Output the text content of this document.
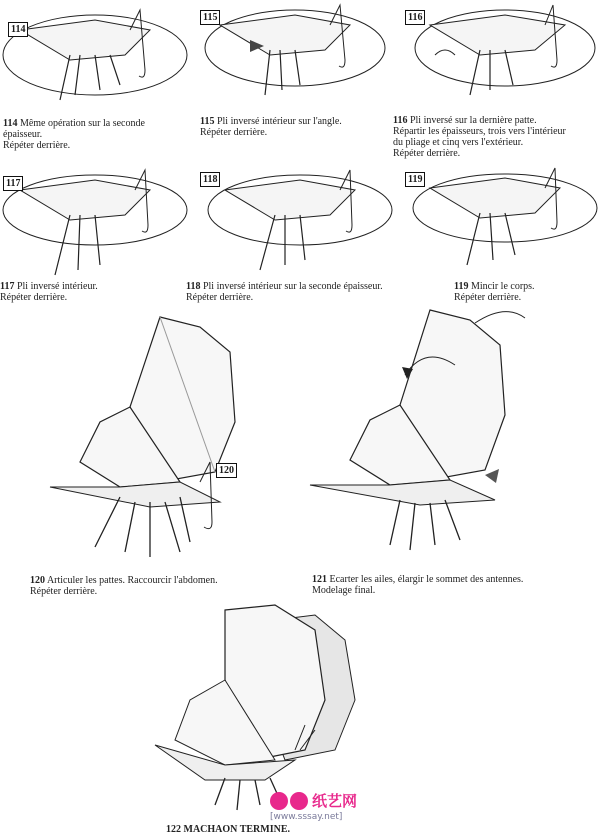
114
115	116
114 Même opération sur la seconde
épaisseur.
Répéter derrière.
115 Pli inversé intérieur sur l'angle.
Répéter derrière.
116 Pli inversé sur la dernière patte.
Répartir les épaisseurs, trois vers l'intérieur
du pliage et cinq vers l'extérieur.
Répéter derrière.
117	118	119
117 Pli inversé intérieur.
Répéter derrière.
118 Pli inversé intérieur sur la seconde épaisseur.
Répéter derrière.
119 Mincir le corps.
Répéter derrière.
120
120 Articuler les pattes. Raccourcir l'abdomen.
Répéter derrière.
121 Ecarter les ailes, élargir le sommet des antennes.
Modelage final.
122 MACHAON TERMINE.
纸艺网
[www.sssay.net]
